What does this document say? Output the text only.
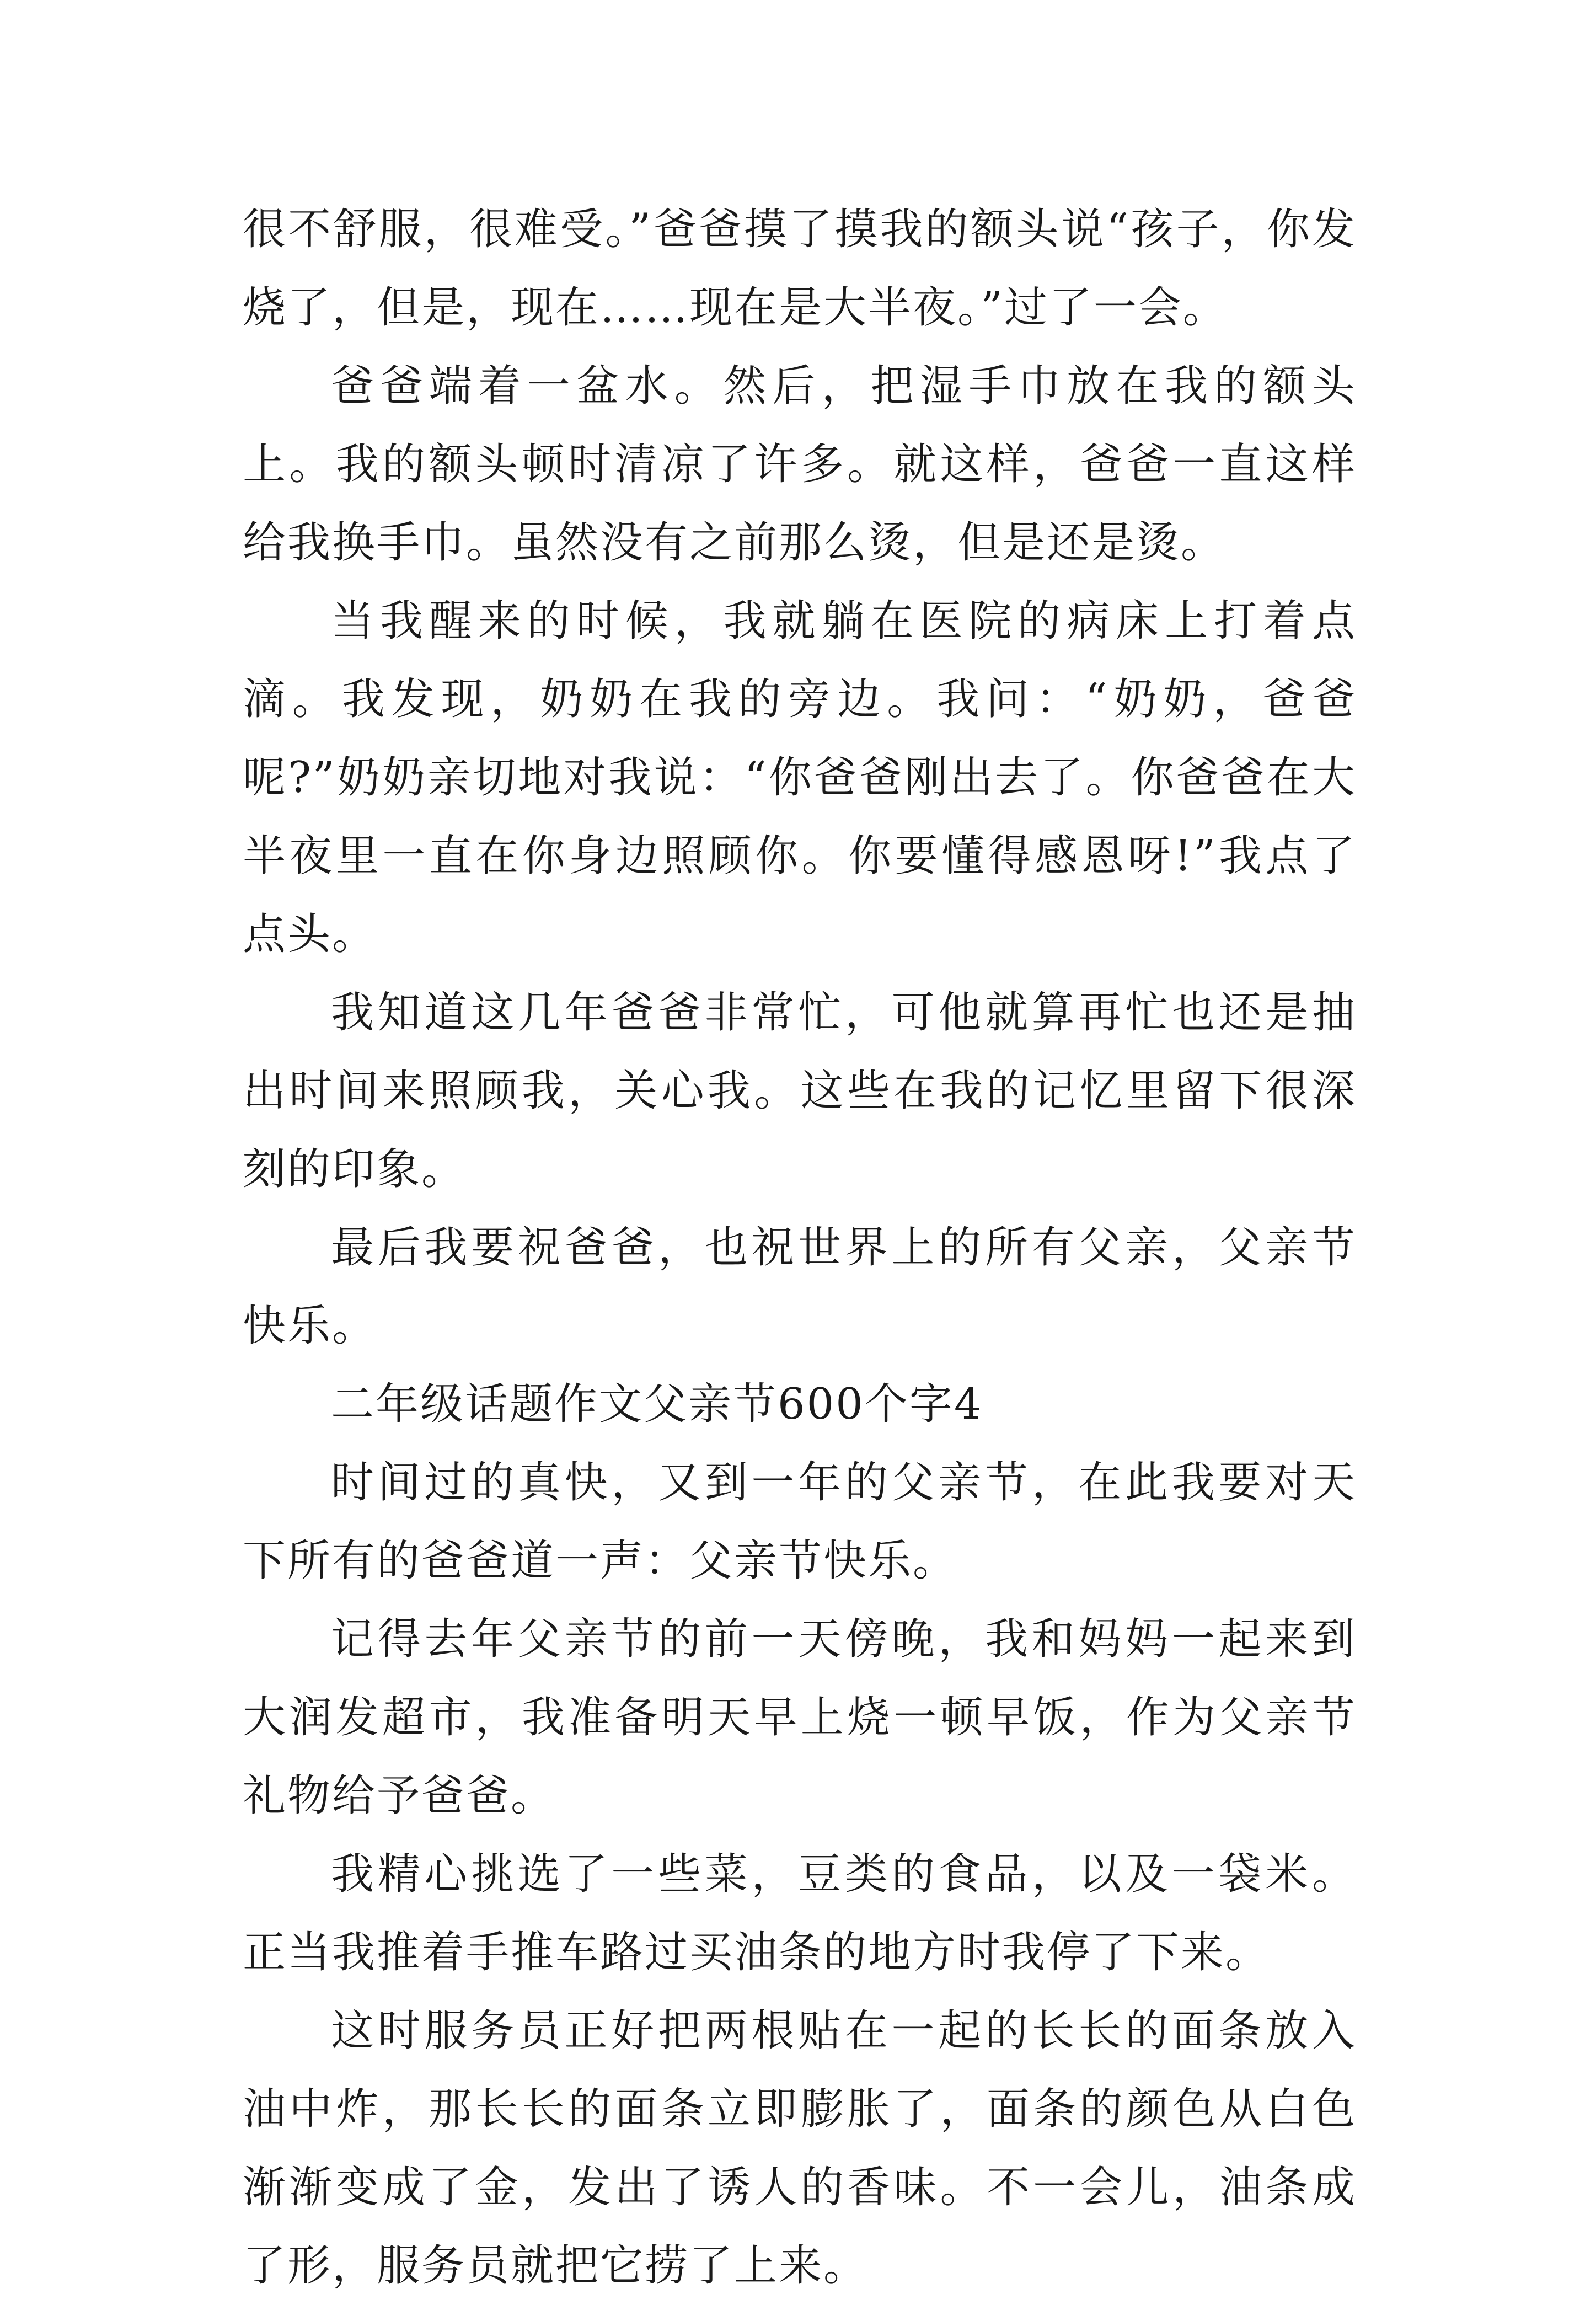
很不舒服，很难受。”爸爸摸了摸我的额头说“孩子，你发烧了，但是，现在……现在是大半夜。”过了一会。

爸爸端着一盆水。然后，把湿手巾放在我的额头上。我的额头顿时清凉了许多。就这样，爸爸一直这样给我换手巾。虽然没有之前那么烫，但是还是烫。

当我醒来的时候，我就躺在医院的病床上打着点滴。我发现，奶奶在我的旁边。我问：“奶奶，爸爸呢?”奶奶亲切地对我说：“你爸爸刚出去了。你爸爸在大半夜里一直在你身边照顾你。你要懂得感恩呀!”我点了点头。

我知道这几年爸爸非常忙，可他就算再忙也还是抽出时间来照顾我，关心我。这些在我的记忆里留下很深刻的印象。

最后我要祝爸爸，也祝世界上的所有父亲，父亲节快乐。

二年级话题作文父亲节600个字4

时间过的真快，又到一年的父亲节，在此我要对天下所有的爸爸道一声：父亲节快乐。

记得去年父亲节的前一天傍晚，我和妈妈一起来到大润发超市，我准备明天早上烧一顿早饭，作为父亲节礼物给予爸爸。

我精心挑选了一些菜，豆类的食品，以及一袋米。正当我推着手推车路过买油条的地方时我停了下来。

这时服务员正好把两根贴在一起的长长的面条放入油中炸，那长长的面条立即膨胀了，面条的颜色从白色渐渐变成了金，发出了诱人的香味。不一会儿，油条成了形，服务员就把它捞了上来。
